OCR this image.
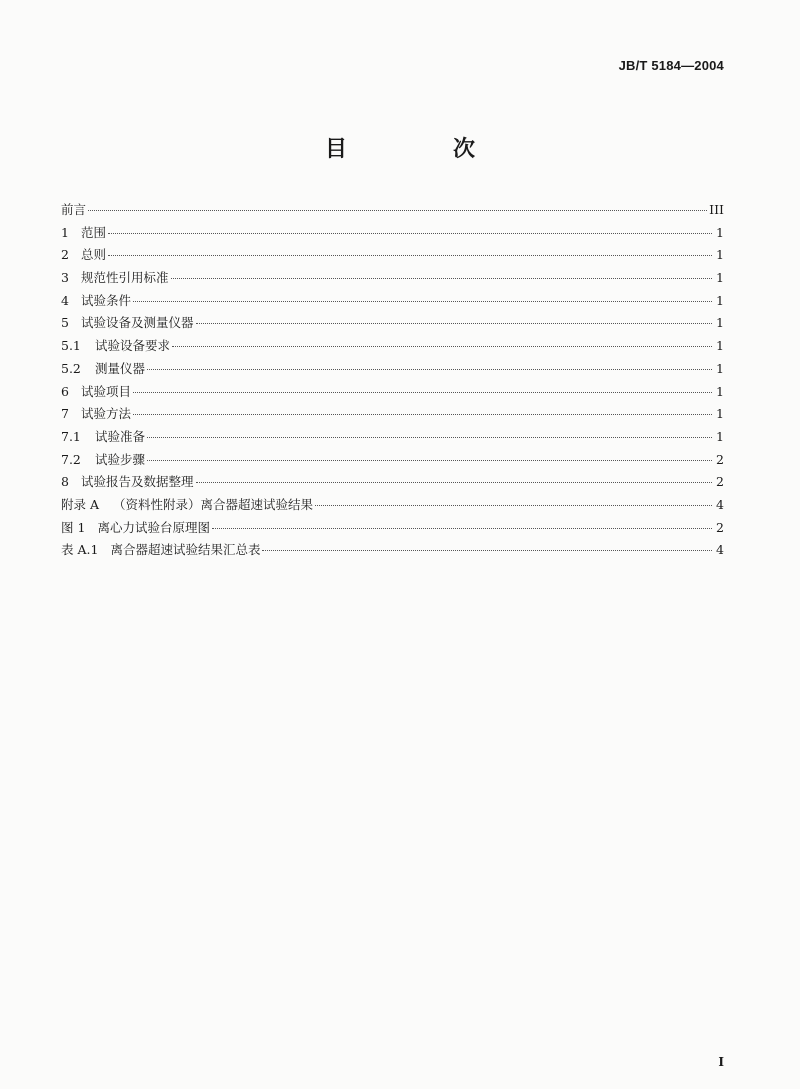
JB/T 5184—2004
目　次
前言	III
1 范围	1
2 总则	1
3 规范性引用标准	1
4 试验条件	1
5 试验设备及测量仪器	1
5.1	试验设备要求	1
5.2	测量仪器	1
6 试验项目	1
7 试验方法	1
7.1	试验准备	1
7.2	试验步骤	2
8 试验报告及数据整理	2
附录 A （资料性附录）离合器超速试验结果	4
图 1 离心力试验台原理图	2
表 A.1 离合器超速试验结果汇总表	4
I
